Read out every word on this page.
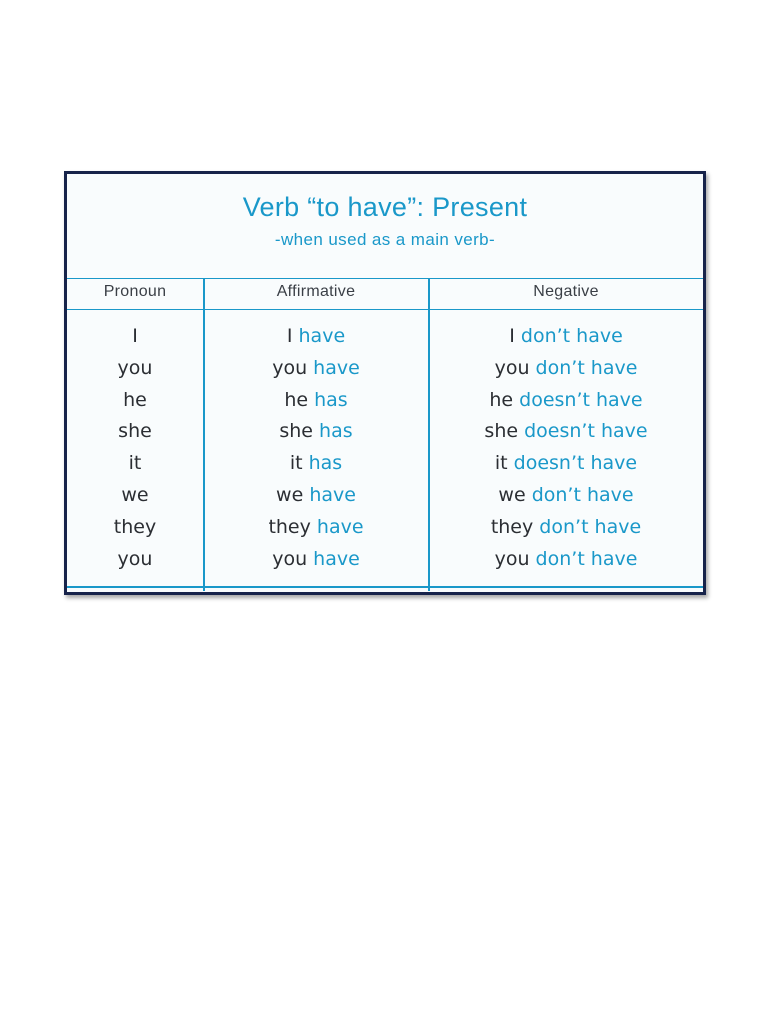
Verb “to have”: Present
-when used as a main verb-
Pronoun	Affirmative	Negative
I	I have	I don’t have
you	you have	you don’t have
he	he has	he doesn’t have
she	she has	she doesn’t have
it	it has	it doesn’t have
we	we have	we don’t have
they	they have	they don’t have
you	you have	you don’t have
